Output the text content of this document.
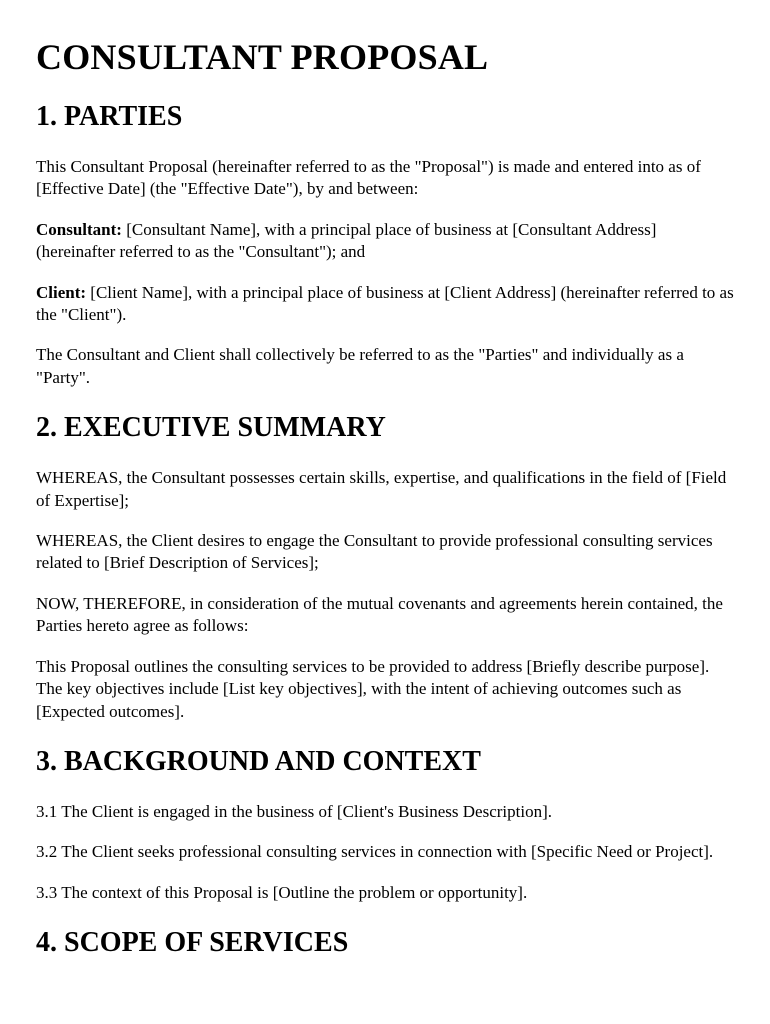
CONSULTANT PROPOSAL
1. PARTIES

This Consultant Proposal (hereinafter referred to as the "Proposal") is made and entered into as of [Effective Date] (the "Effective Date"), by and between:

Consultant: [Consultant Name], with a principal place of business at [Consultant Address] (hereinafter referred to as the "Consultant"); and

Client: [Client Name], with a principal place of business at [Client Address] (hereinafter referred to as the "Client").

The Consultant and Client shall collectively be referred to as the "Parties" and individually as a "Party".

2. EXECUTIVE SUMMARY

WHEREAS, the Consultant possesses certain skills, expertise, and qualifications in the field of [Field of Expertise];

WHEREAS, the Client desires to engage the Consultant to provide professional consulting services related to [Brief Description of Services];

NOW, THEREFORE, in consideration of the mutual covenants and agreements herein contained, the Parties hereto agree as follows:

This Proposal outlines the consulting services to be provided to address [Briefly describe purpose]. The key objectives include [List key objectives], with the intent of achieving outcomes such as [Expected outcomes].

3. BACKGROUND AND CONTEXT

3.1 The Client is engaged in the business of [Client's Business Description].

3.2 The Client seeks professional consulting services in connection with [Specific Need or Project].

3.3 The context of this Proposal is [Outline the problem or opportunity].

4. SCOPE OF SERVICES
